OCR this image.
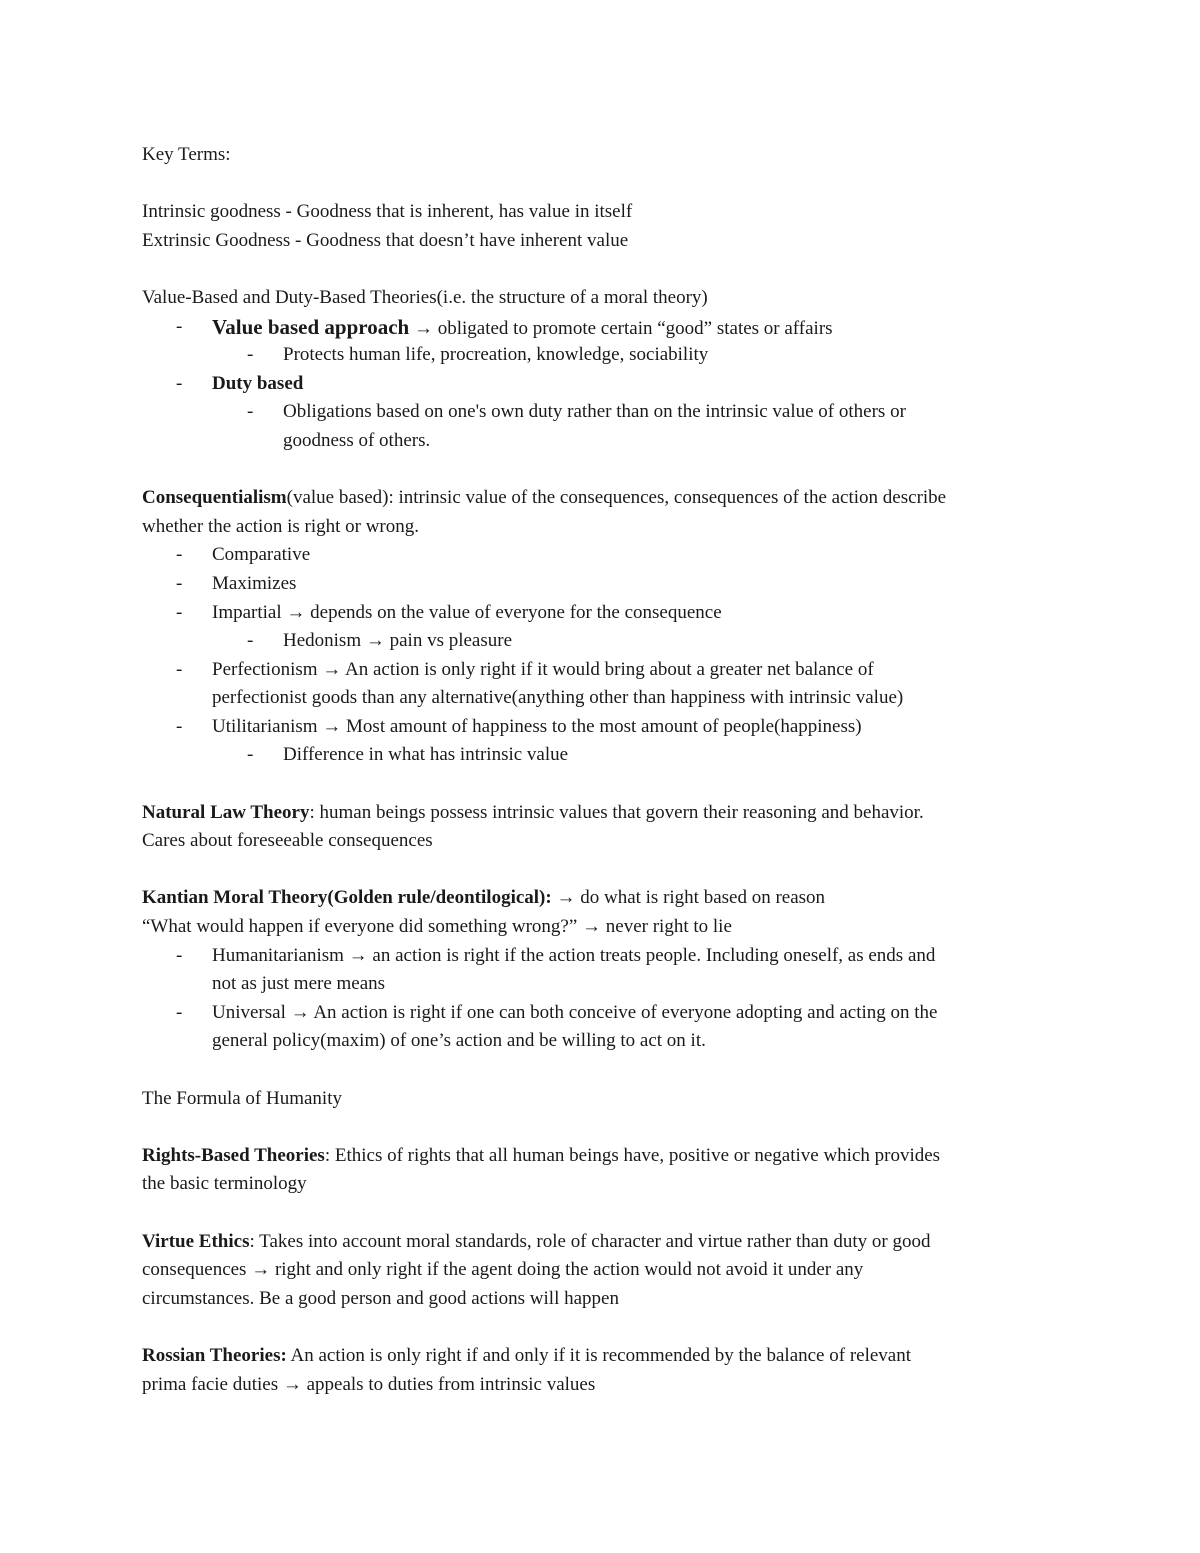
Key Terms:
Intrinsic goodness - Goodness that is inherent, has value in itself
Extrinsic Goodness - Goodness that doesn’t have inherent value
Value-Based and Duty-Based Theories(i.e. the structure of a moral theory)
- Value based approach → obligated to promote certain “good” states or affairs
- Protects human life, procreation, knowledge, sociability
- Duty based
- Obligations based on one's own duty rather than on the intrinsic value of others or
goodness of others.
Consequentialism(value based): intrinsic value of the consequences, consequences of the action describe
whether the action is right or wrong.
- Comparative
- Maximizes
- Impartial → depends on the value of everyone for the consequence
- Hedonism → pain vs pleasure
- Perfectionism → An action is only right if it would bring about a greater net balance of
perfectionist goods than any alternative(anything other than happiness with intrinsic value)
- Utilitarianism → Most amount of happiness to the most amount of people(happiness)
- Difference in what has intrinsic value
Natural Law Theory: human beings possess intrinsic values that govern their reasoning and behavior.
Cares about foreseeable consequences
Kantian Moral Theory(Golden rule/deontilogical): → do what is right based on reason
“What would happen if everyone did something wrong?” → never right to lie
- Humanitarianism → an action is right if the action treats people. Including oneself, as ends and
not as just mere means
- Universal → An action is right if one can both conceive of everyone adopting and acting on the
general policy(maxim) of one’s action and be willing to act on it.
The Formula of Humanity
Rights-Based Theories: Ethics of rights that all human beings have, positive or negative which provides
the basic terminology
Virtue Ethics: Takes into account moral standards, role of character and virtue rather than duty or good
consequences → right and only right if the agent doing the action would not avoid it under any
circumstances. Be a good person and good actions will happen
Rossian Theories: An action is only right if and only if it is recommended by the balance of relevant
prima facie duties → appeals to duties from intrinsic values
